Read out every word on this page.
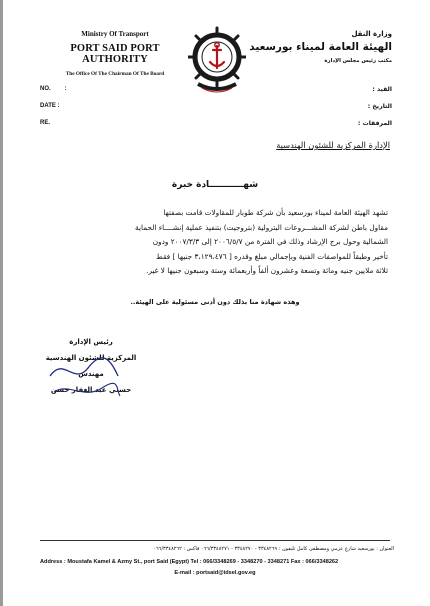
Ministry Of Transport
PORT SAID PORT AUTHORITY
The Office Of The Chairman Of The Board
وزارة النقل
الهيئة العامة لميناء بورسعيد
مكتب رئيس مجلس الإدارة
NO. :
DATE :
RE.
القيد :
التاريخ :
المرفقات :
الإدارة المركزية للشئون الهندسية
شهـــــــــــادة خبرة
تشهد الهيئة العامة لميناء بورسعيد بأن شركة طوبار للمقاولات قامت بصفتها
مقاول باطن لشركة المشـــروعات البترولية (بتروجيت) بتنفيذ عملية إنشــــاء الحماية
الشمالية وحول برج الإرشاد وذلك في الفترة من ٢٠٠٦/٥/٧ إلى ٢٠٠٧/٣/٣ ودون
تأخير وطبقاً للمواصفات الفنية وبإجمالي مبلغ وقدره [ ٣،١٢٩،٤٧٦ جنيها ] فقط
ثلاثة ملايين جنيه ومائة وتسعة وعشرون ألفاً وأربعمائة وستة وسبعون جنيها لا غير.
وهذه شهادة منا بذلك دون أدنى مسئولية على الهيئة..
رئيس الإدارة
المركزية للشئون الهندسية
مهندس
حسني عبد الغفار حسن
العنوان : بورسعيد شارع عزمي ومصطفى كامل تليفون : ٣٣٤٨٢٦٩ - ٣٣٤٨٢٧٠ - ٠٦٦/٣٣٤٨٢٧١ فاكس : ٠٦٦/٣٣٤٨٢٦٢
Address : Moustafa Kamel & Azmy St., port Said (Egypt) Tel : 066/3348269 - 3348270 - 3348271 Fax : 066/3348262
E-mail : portsaid@idsel.gov.eg
